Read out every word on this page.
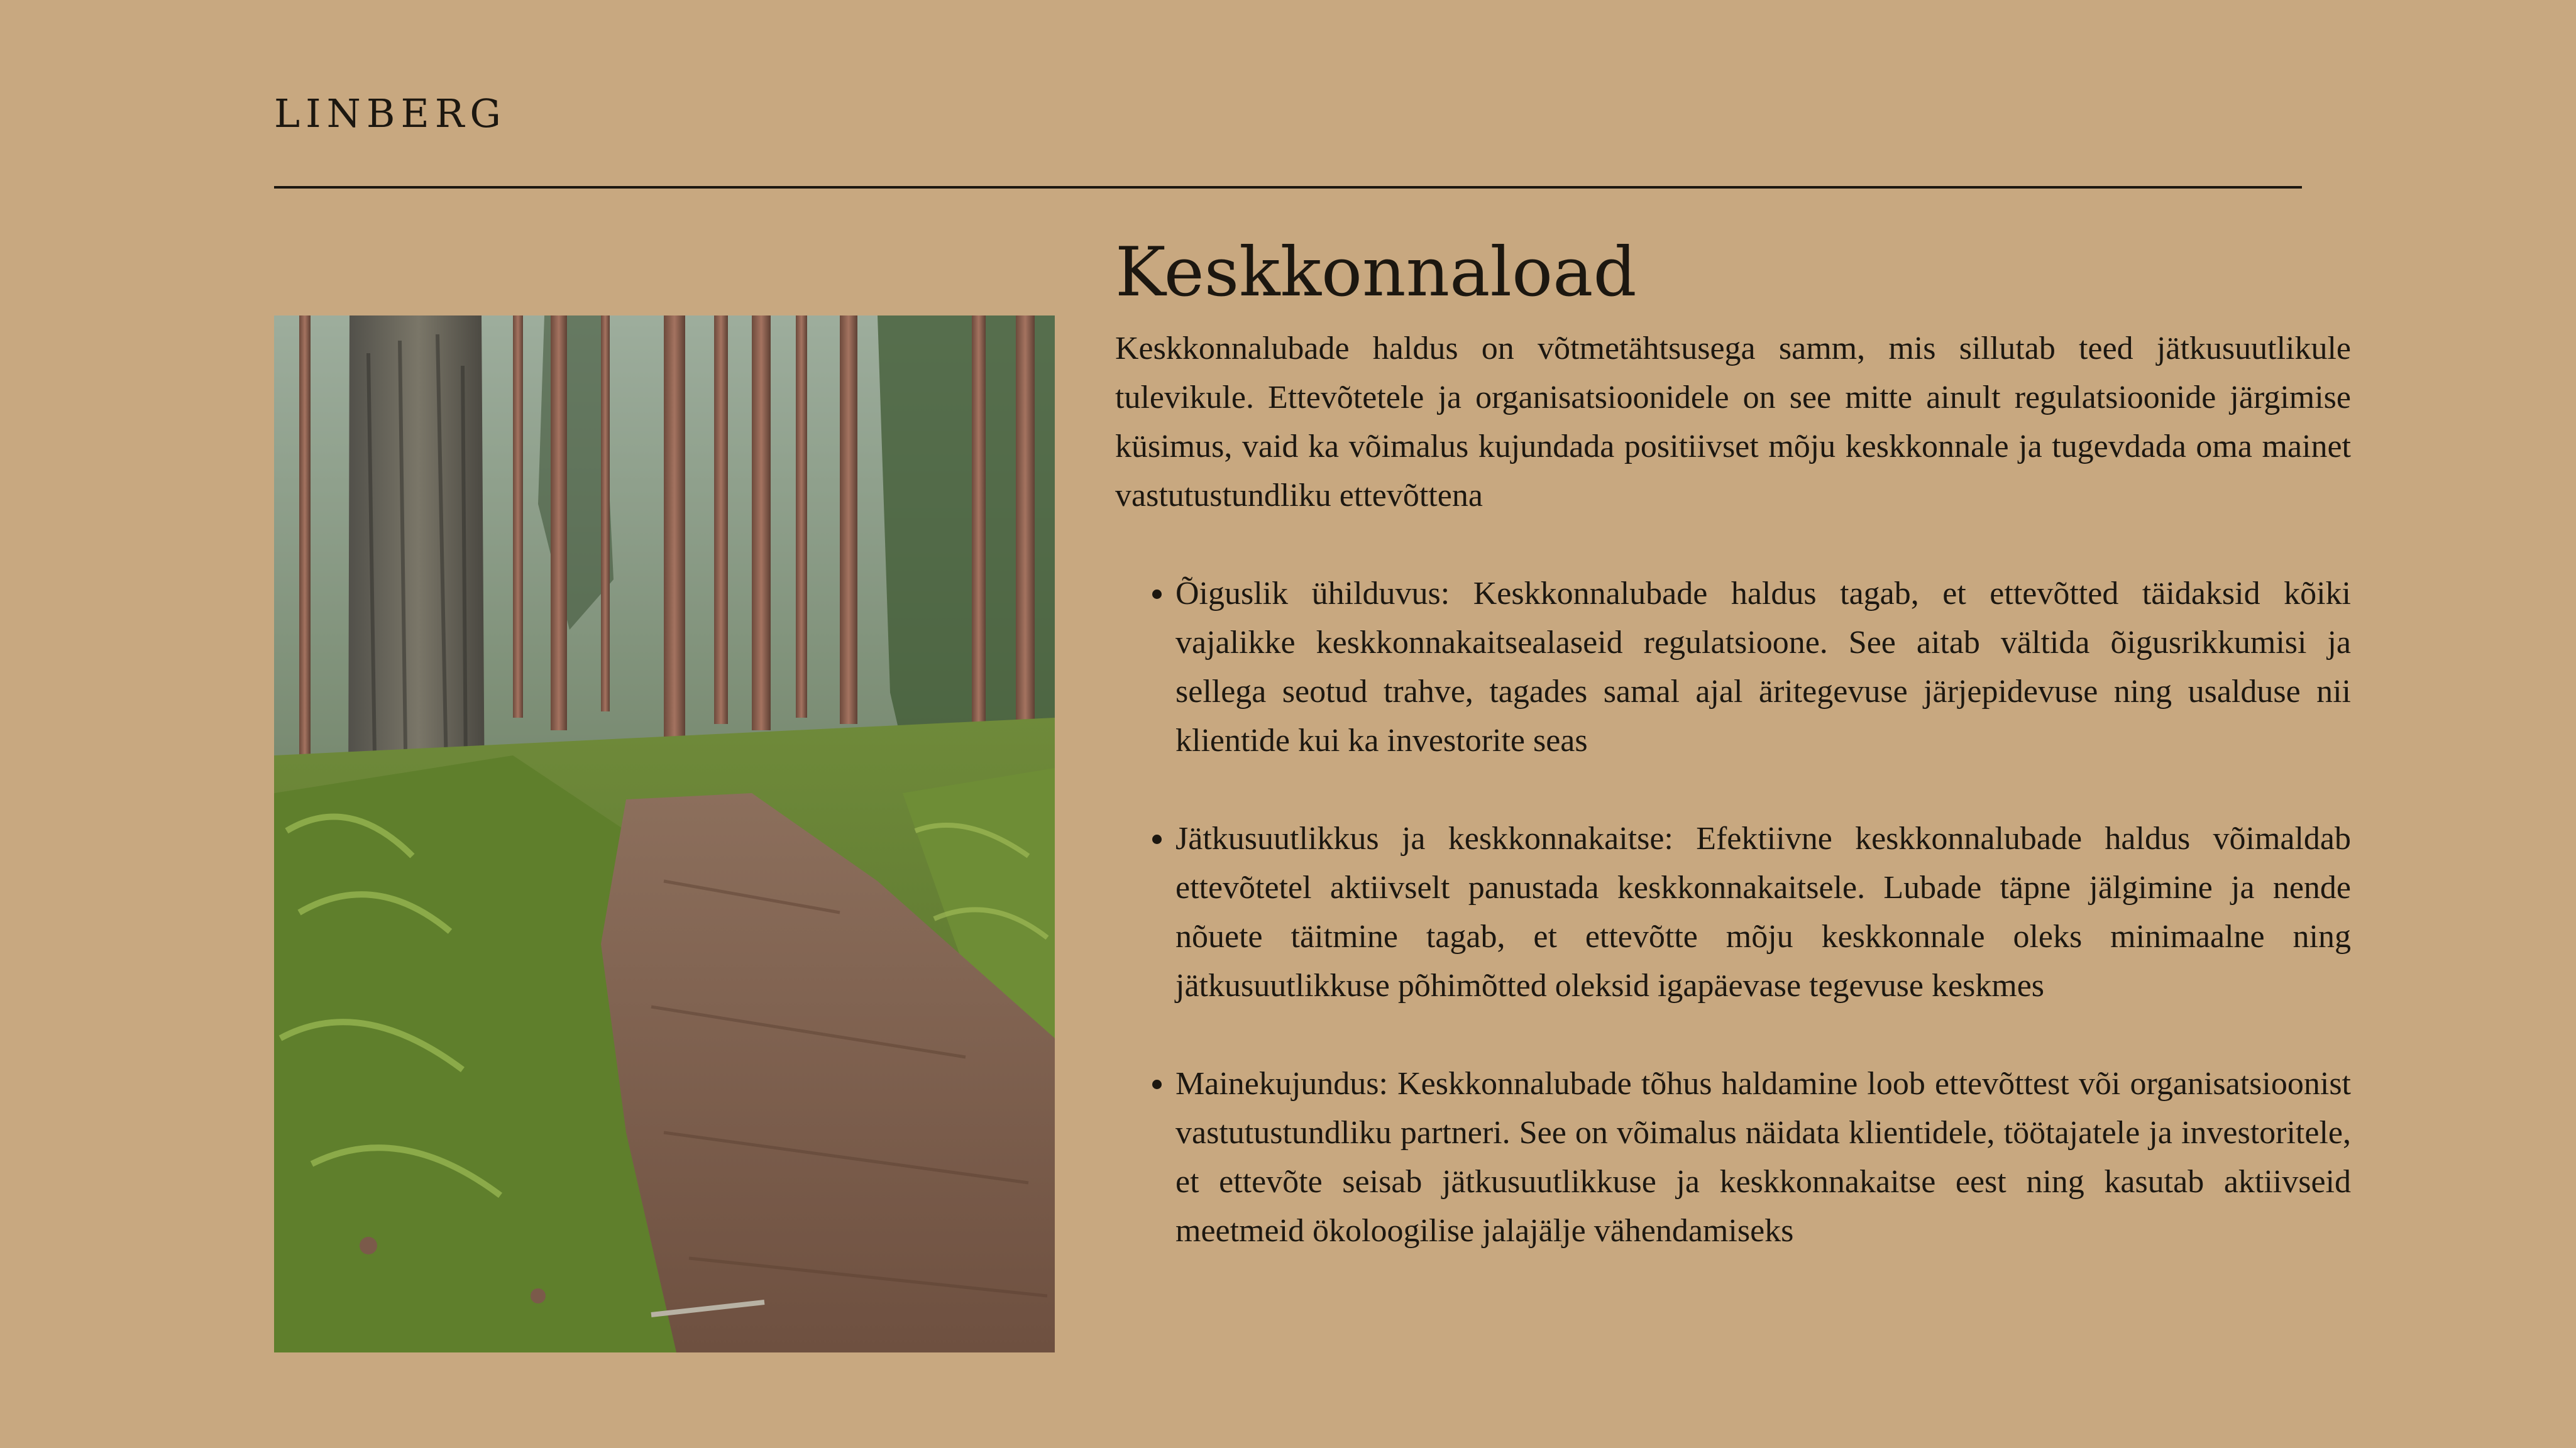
LINBERG
Keskkonnaload

Keskkonnalubade haldus on võtmetähtsusega samm, mis sillutab teed jätkusuutlikule tulevikule. Ettevõtetele ja organisatsioonidele on see mitte ainult regulatsioonide järgimise küsimus, vaid ka võimalus kujundada positiivset mõju keskkonnale ja tugevdada oma mainet vastutustundliku ettevõttena

• Õiguslik ühilduvus: Keskkonnalubade haldus tagab, et ettevõtted täidaksid kõiki vajalikke keskkonnakaitsealaseid regulatsioone. See aitab vältida õigusrikkumisi ja sellega seotud trahve, tagades samal ajal äritegevuse järjepidevuse ning usalduse nii klientide kui ka investorite seas
• Jätkusuutlikkus ja keskkonnakaitse: Efektiivne keskkonnalubade haldus võimaldab ettevõtetel aktiivselt panustada keskkonnakaitsele. Lubade täpne jälgimine ja nende nõuete täitmine tagab, et ettevõtte mõju keskkonnale oleks minimaalne ning jätkusuutlikkuse põhimõtted oleksid igapäevase tegevuse keskmes
• Mainekujundus: Keskkonnalubade tõhus haldamine loob ettevõttest või organisatsioonist vastutustundliku partneri. See on võimalus näidata klientidele, töötajatele ja investoritele, et ettevõte seisab jätkusuutlikkuse ja keskkonnakaitse eest ning kasutab aktiivseid meetmeid ökoloogilise jalajälje vähendamiseks
